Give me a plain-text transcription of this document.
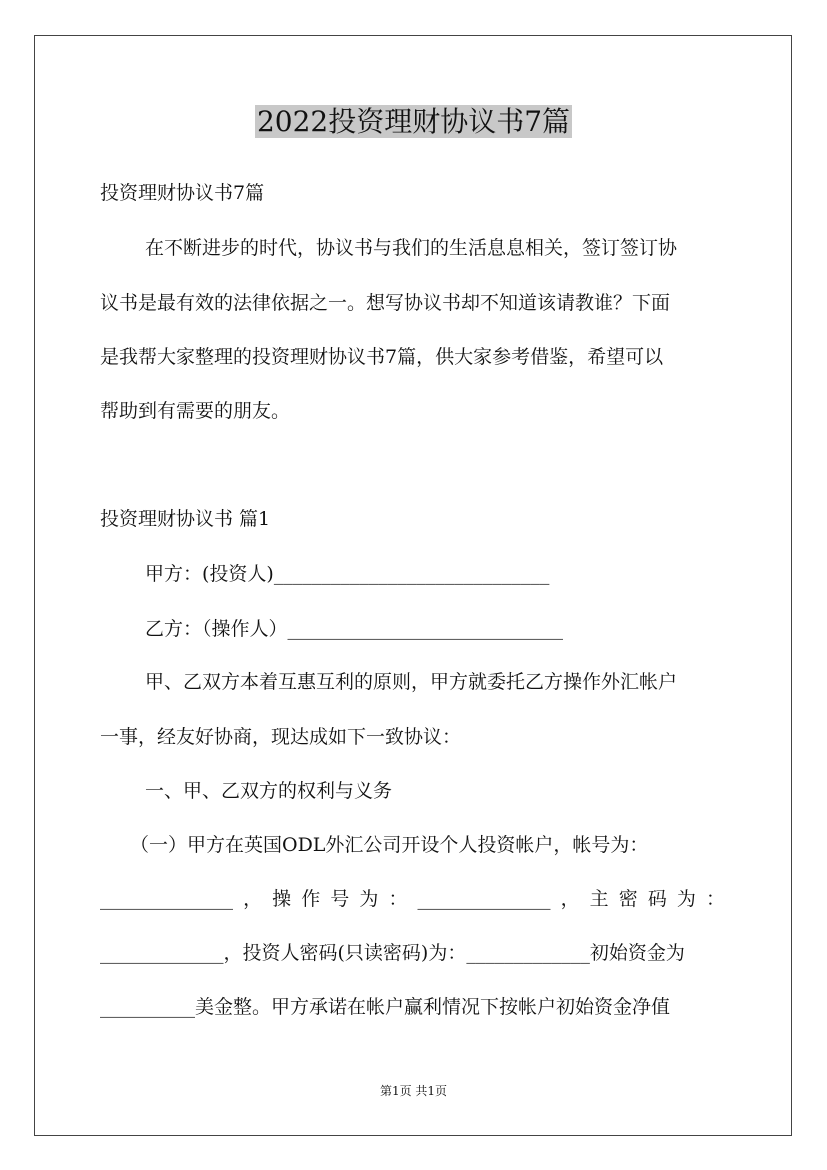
2022投资理财协议书7篇
投资理财协议书7篇
在不断进步的时代，协议书与我们的生活息息相关，签订签订协
议书是最有效的法律依据之一。想写协议书却不知道该请教谁？下面
是我帮大家整理的投资理财协议书7篇，供大家参考借鉴，希望可以
帮助到有需要的朋友。
投资理财协议书 篇1
甲方：(投资人)_____________________________
乙方：（操作人）_____________________________
甲、乙双方本着互惠互利的原则，甲方就委托乙方操作外汇帐户
一事，经友好协商，现达成如下一致协议：
一、甲、乙双方的权利与义务
（一）甲方在英国ODL外汇公司开设个人投资帐户，帐号为：
______________，操作号为：______________，主密码为：
_____________，投资人密码(只读密码)为：_____________初始资金为
__________美金整。甲方承诺在帐户赢利情况下按帐户初始资金净值
第1页 共1页
